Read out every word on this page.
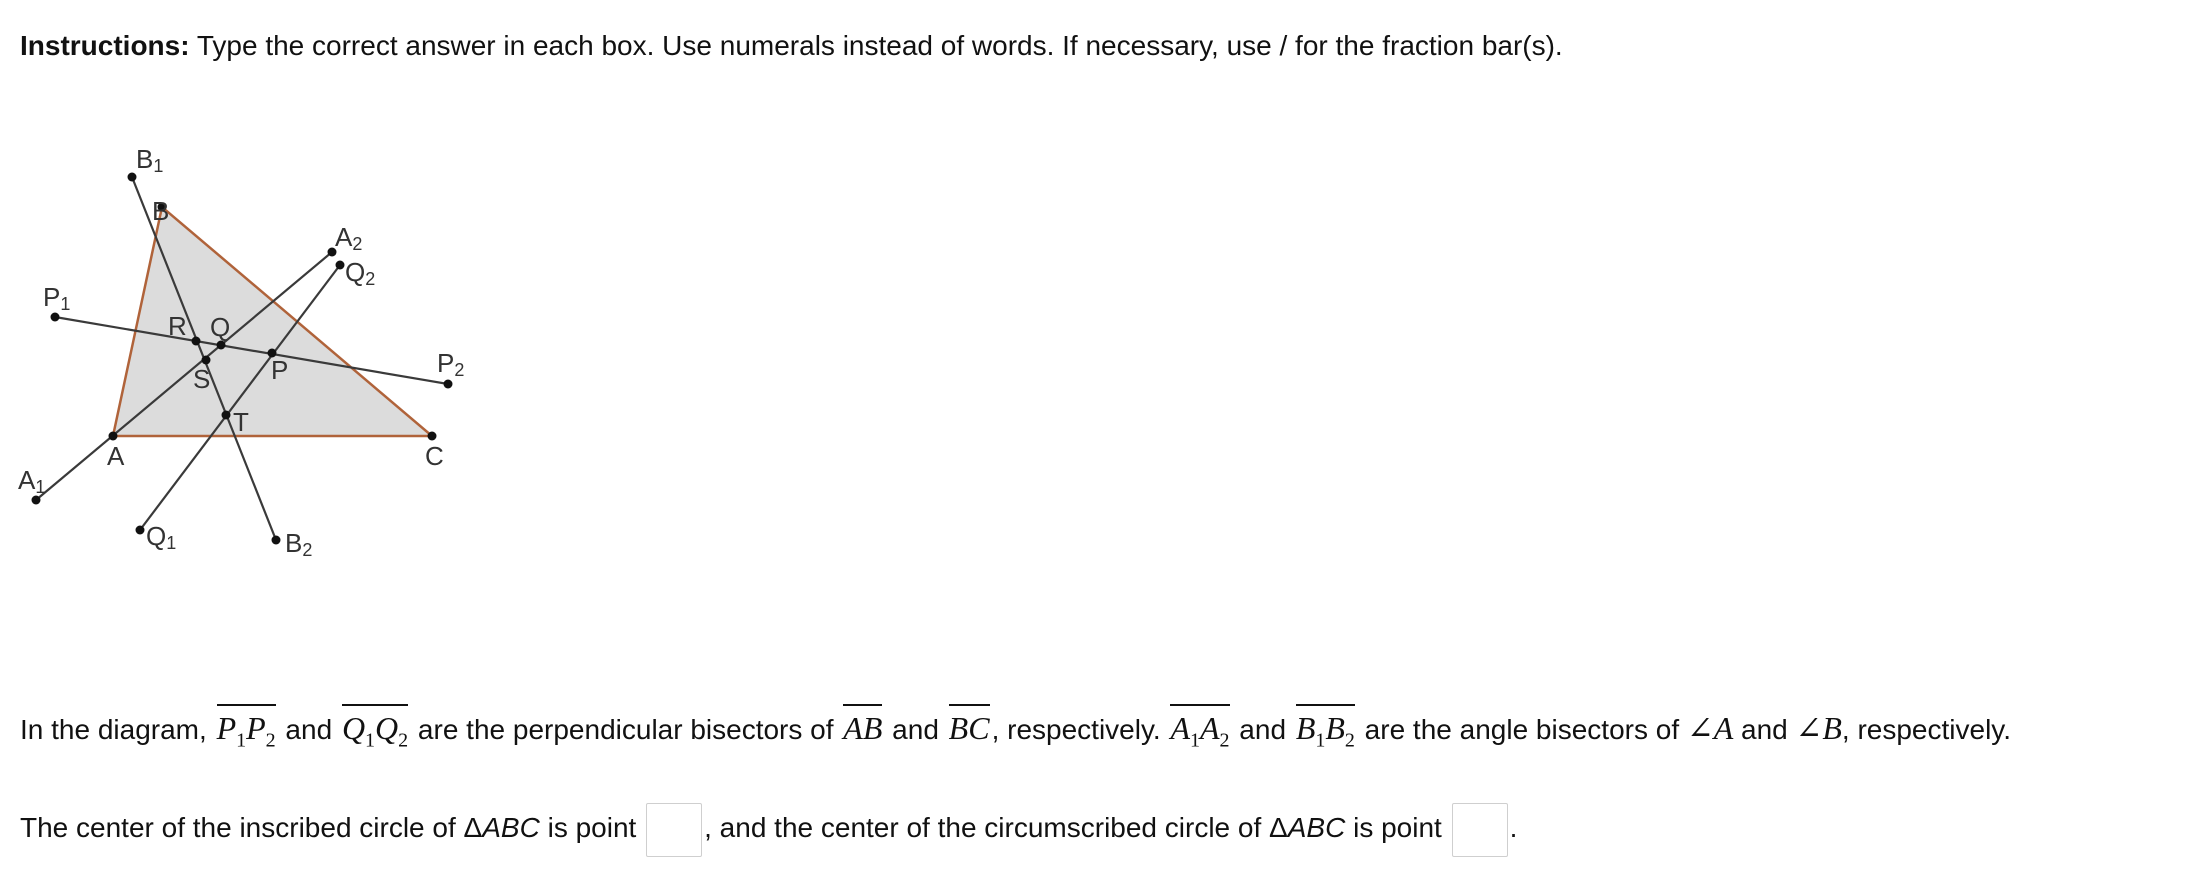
Instructions: Type the correct answer in each box. Use numerals instead of words. If necessary, use / for the fraction bar(s).
B1
B
A2
Q2
P1
R Q
S P	P2
T
A	C
A1
Q1	B2
In the diagram, $P_1P_2$ and $Q_1Q_2$ are the perpendicular bisectors of AB and BC, respectively. $A_1A_2$ and $B_1B_2$ are the angle bisectors of ∠A and ∠B, respectively.
The center of the inscribed circle of ΔABC is point , and the center of the circumscribed circle of ΔABC is point .
